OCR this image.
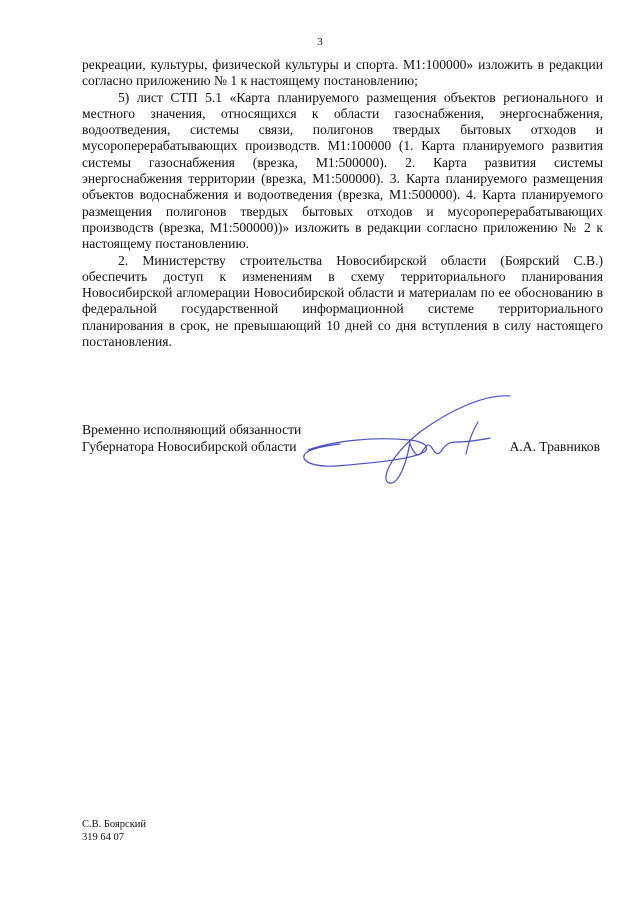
3

рекреации, культуры, физической культуры и спорта. М1:100000» изложить в редакции согласно приложению № 1 к настоящему постановлению;

5) лист СТП 5.1 «Карта планируемого размещения объектов регионального и местного значения, относящихся к области газоснабжения, энергоснабжения, водоотведения, системы связи, полигонов твердых бытовых отходов и мусороперерабатывающих производств. М1:100000 (1. Карта планируемого развития системы газоснабжения (врезка, М1:500000). 2. Карта развития системы энергоснабжения территории (врезка, М1:500000). 3. Карта планируемого размещения объектов водоснабжения и водоотведения (врезка, М1:500000). 4. Карта планируемого размещения полигонов твердых бытовых отходов и мусороперерабатывающих производств (врезка, М1:500000))» изложить в редакции согласно приложению № 2 к настоящему постановлению.

2. Министерству строительства Новосибирской области (Боярский С.В.) обеспечить доступ к изменениям в схему территориального планирования Новосибирской агломерации Новосибирской области и материалам по ее обоснованию в федеральной государственной информационной системе территориального планирования в срок, не превышающий 10 дней со дня вступления в силу настоящего постановления.

Временно исполняющий обязанности
Губернатора Новосибирской области	А.А. Травников
С.В. Боярский
319 64 07
